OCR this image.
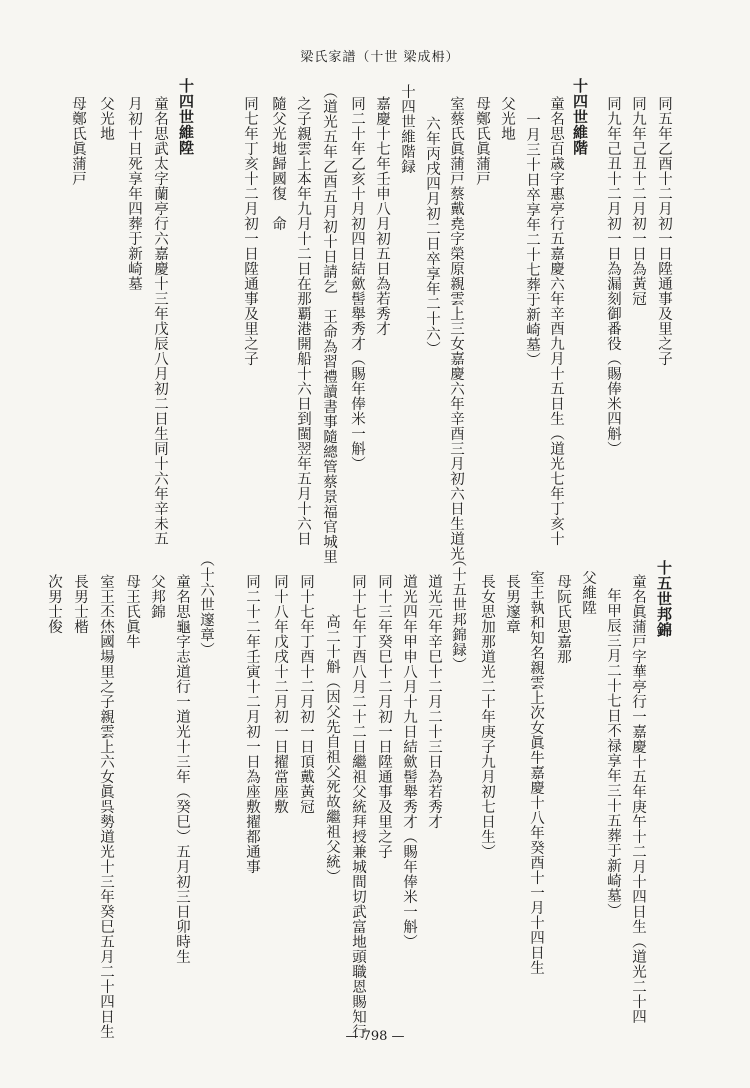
梁氏家譜（十世 梁成枏）
同五年乙酉十二月初一日陞通事及里之子
同九年己丑十二月初一日為黃冠
同九年己丑十二月初一日為漏刻御番役（賜俸米四斛）
十四世維階
童名思百歳字惠亭行五嘉慶六年辛酉九月十五日生（道光七年丁亥十
一月三十日卒享年二十七葬于新崎墓）
父光地
母鄭氏眞蒲戸
室蔡氏眞蒲戸蔡戴堯字榮原親雲上三女嘉慶六年辛酉三月初六日生道光
六年丙戌四月初二日卒享年二十六）
十四世維階録
嘉慶十七年壬申八月初五日為若秀才
同二十年乙亥十月初四日結歛髻舉秀才（賜年俸米一斛）
（道光五年乙酉五月初十日請乞　王命為習禮讀書事隨總管蔡景福官城里
之子親雲上本年九月十二日在那覇港開船十六日到閩翌年五月十六日
隨父光地歸國復　命
同七年丁亥十二月初一日陞通事及里之子
十四世維陞
童名思武太字蘭亭行六嘉慶十三年戊辰八月初二日生同十六年辛未五
月初十日死享年四葬于新崎墓
父光地
母鄭氏眞蒲戸
十五世邦錦
童名眞蒲戸字華亭行一嘉慶十五年庚午十二月十四日生（道光二十四
年甲辰三月二十七日不禄享年三十五葬于新崎墓）
父維陞
母阮氏思嘉那
室王執和知名親雲上次女眞牛嘉慶十八年癸酉十一月十四日生
長男邃章
長女思加那道光二十年庚子九月初七日生）
（十五世邦錦録）
道光元年辛巳十二月二十三日為若秀才
道光四年甲申八月十九日結歛髻舉秀才（賜年俸米一斛）
同十三年癸巳十二月初一日陞通事及里之子
同十七年丁酉八月二十二日繼祖父統拜授兼城間切武富地頭職恩賜知行
高二十斛（因父先自祖父死故繼祖父統）
同十七年丁酉十二月初一日頂戴黃冠
同十八年戊戌十二月初一日擢當座敷
同二十二年壬寅十二月初一日為座敷擢都通事
（十六世邃章）
童名思龜字志道行一道光十三年（癸巳）五月初三日卯時生
父邦錦
母王氏眞牛
室王丕烋國場里之子親雲上六女眞呉勢道光十三年癸巳五月二十四日生
長男士楷
次男士俊
— 798 —
